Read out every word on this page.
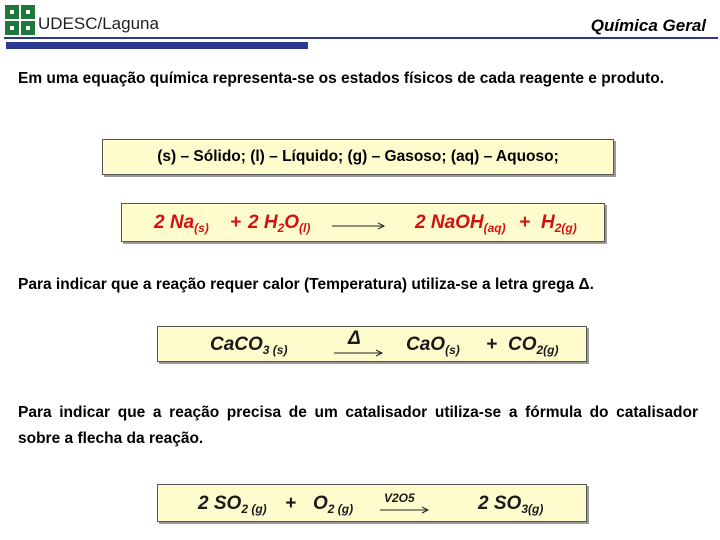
UDESC/Laguna	Química Geral
Em uma equação química representa-se os estados físicos de cada reagente e produto.
(s) – Sólido; (l) – Líquido; (g) – Gasoso; (aq) – Aquoso;
2 $Na_{(s)} + 2$ $H_2O_{(l)} \to 2$ NaOH$_{(aq)}$ + $H_{2(g)}$
Para indicar que a reação requer calor (Temperatura) utiliza-se a letra grega Δ.
CaCO$_{3 (s)}$
$\Delta \to CaO_{(s)} + CO_{2(g)}$
Para indicar que a reação precisa de um catalisador utiliza-se a fórmula do catalisador sobre a flecha da reação.
2 $SO_{2 (g)} + O_{2 (g)}$
V2O5	2 $SO_{3(g)}$
